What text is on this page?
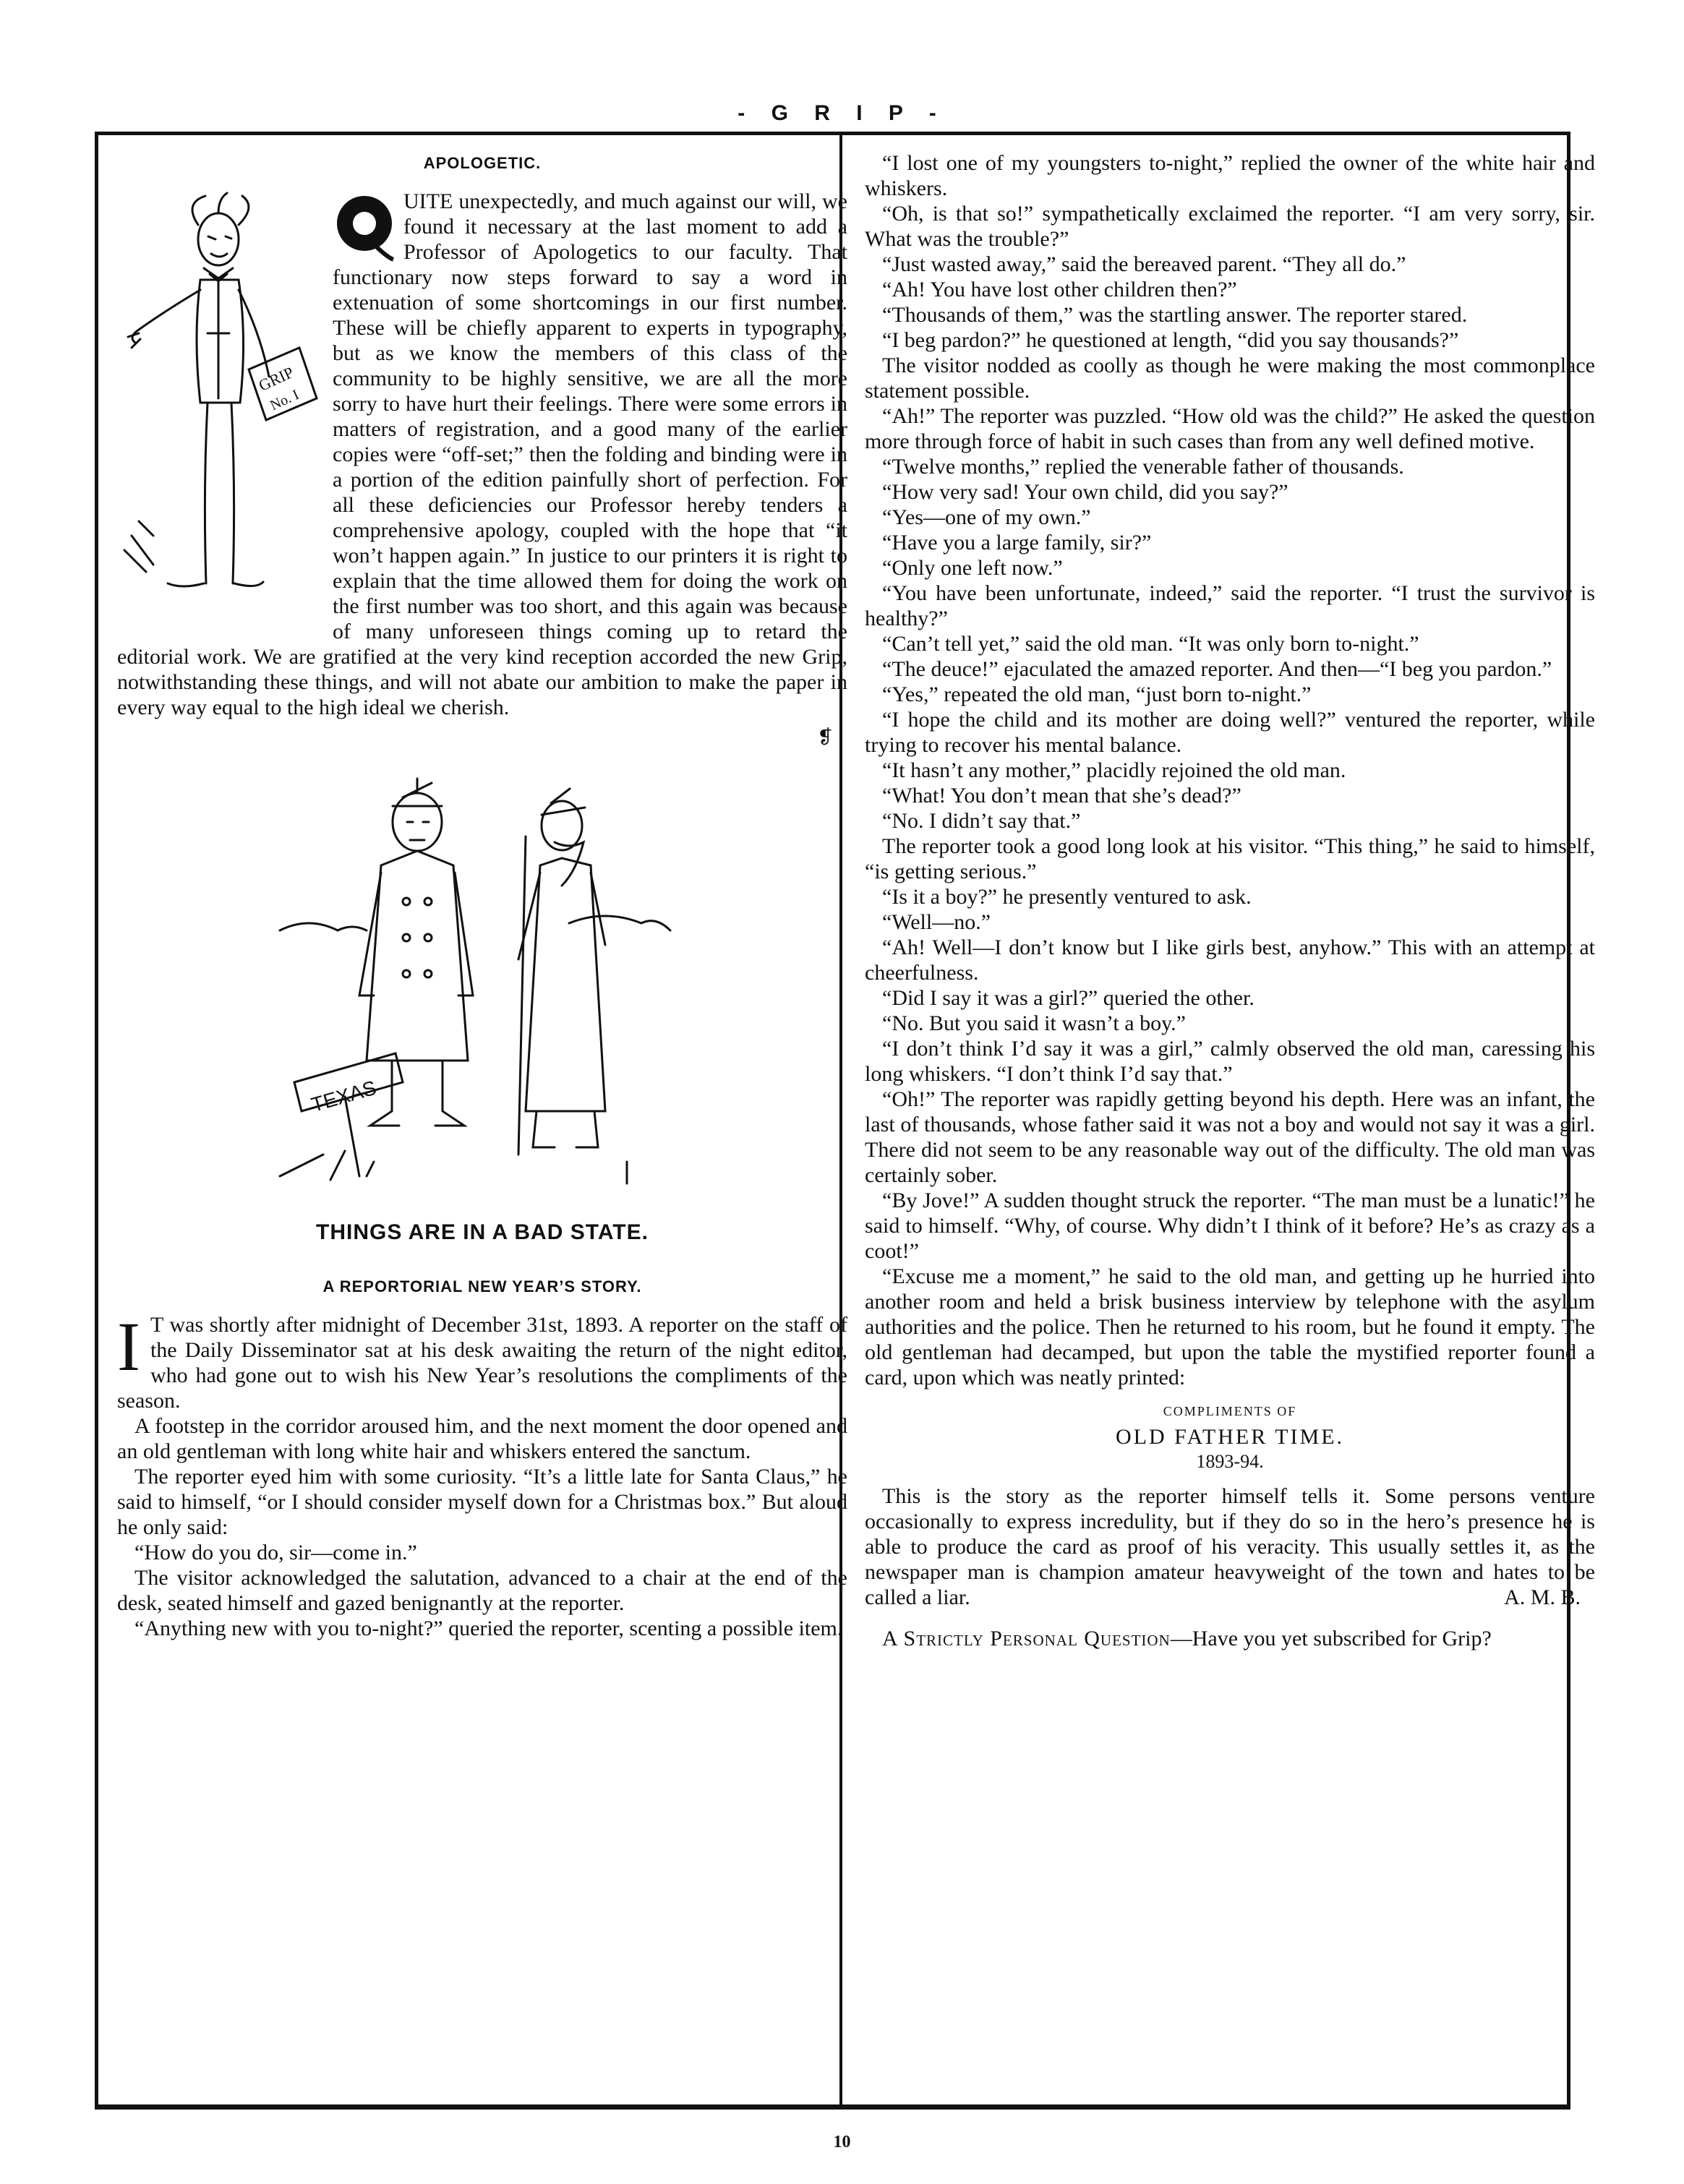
- G R I P -
APOLOGETIC.
GRIP
No. I

UITE unexpectedly, and much against our will, we found it necessary at the last moment to add a Professor of Apologetics to our faculty. That functionary now steps forward to say a word in extenuation of some shortcomings in our first number. These will be chiefly apparent to experts in typography, but as we know the members of this class of the community to be highly sensitive, we are all the more sorry to have hurt their feelings. There were some errors in matters of registration, and a good many of the earlier copies were “off-set;” then the folding and binding were in a portion of the edition painfully short of perfection. For all these deficiencies our Professor hereby tenders a comprehensive apology, coupled with the hope that “it won’t happen again.” In justice to our printers it is right to explain that the time allowed them for doing the work on the first number was too short, and this again was because of many unforeseen things coming up to retard the editorial work. We are gratified at the very kind reception accorded the new Grip, notwithstanding these things, and will not abate our ambition to make the paper in every way equal to the high ideal we cherish.

❡
TEXAS
THINGS ARE IN A BAD STATE.
A REPORTORIAL NEW YEAR’S STORY.
I T was shortly after midnight of December 31st, 1893. A reporter on the staff of the Daily Disseminator sat at his desk awaiting the return of the night editor, who had gone out to wish his New Year’s resolutions the compliments of the season.

A footstep in the corridor aroused him, and the next moment the door opened and an old gentleman with long white hair and whiskers entered the sanctum.

The reporter eyed him with some curiosity. “It’s a little late for Santa Claus,” he said to himself, “or I should consider myself down for a Christmas box.” But aloud he only said:

“How do you do, sir—come in.”

The visitor acknowledged the salutation, advanced to a chair at the end of the desk, seated himself and gazed benignantly at the reporter.

“Anything new with you to-night?” queried the reporter, scenting a possible item.

“I lost one of my youngsters to-night,” replied the owner of the white hair and whiskers.

“Oh, is that so!” sympathetically exclaimed the reporter. “I am very sorry, sir. What was the trouble?”

“Just wasted away,” said the bereaved parent. “They all do.”

“Ah! You have lost other children then?”

“Thousands of them,” was the startling answer. The reporter stared.

“I beg pardon?” he questioned at length, “did you say thousands?”

The visitor nodded as coolly as though he were making the most commonplace statement possible.

“Ah!” The reporter was puzzled. “How old was the child?” He asked the question more through force of habit in such cases than from any well defined motive.

“Twelve months,” replied the venerable father of thousands.

“How very sad! Your own child, did you say?”

“Yes—one of my own.”

“Have you a large family, sir?”

“Only one left now.”

“You have been unfortunate, indeed,” said the reporter. “I trust the survivor is healthy?”

“Can’t tell yet,” said the old man. “It was only born to-night.”

“The deuce!” ejaculated the amazed reporter. And then—“I beg you pardon.”

“Yes,” repeated the old man, “just born to-night.”

“I hope the child and its mother are doing well?” ventured the reporter, while trying to recover his mental balance.

“It hasn’t any mother,” placidly rejoined the old man.

“What! You don’t mean that she’s dead?”

“No. I didn’t say that.”

The reporter took a good long look at his visitor. “This thing,” he said to himself, “is getting serious.”

“Is it a boy?” he presently ventured to ask.

“Well—no.”

“Ah! Well—I don’t know but I like girls best, anyhow.” This with an attempt at cheerfulness.

“Did I say it was a girl?” queried the other.

“No. But you said it wasn’t a boy.”

“I don’t think I’d say it was a girl,” calmly observed the old man, caressing his long whiskers. “I don’t think I’d say that.”

“Oh!” The reporter was rapidly getting beyond his depth. Here was an infant, the last of thousands, whose father said it was not a boy and would not say it was a girl. There did not seem to be any reasonable way out of the difficulty. The old man was certainly sober.

“By Jove!” A sudden thought struck the reporter. “The man must be a lunatic!” he said to himself. “Why, of course. Why didn’t I think of it before? He’s as crazy as a coot!”

“Excuse me a moment,” he said to the old man, and getting up he hurried into another room and held a brisk business interview by telephone with the asylum authorities and the police. Then he returned to his room, but he found it empty. The old gentleman had decamped, but upon the table the mystified reporter found a card, upon which was neatly printed:

COMPLIMENTS OF
OLD FATHER TIME.
1893-94.

This is the story as the reporter himself tells it. Some persons venture occasionally to express incredulity, but if they do so in the hero’s presence he is able to produce the card as proof of his veracity. This usually settles it, as the newspaper man is champion amateur heavyweight of the town and hates to be called a liar.	A. M. B.

A Strictly Personal Question—Have you yet subscribed for Grip?

10
